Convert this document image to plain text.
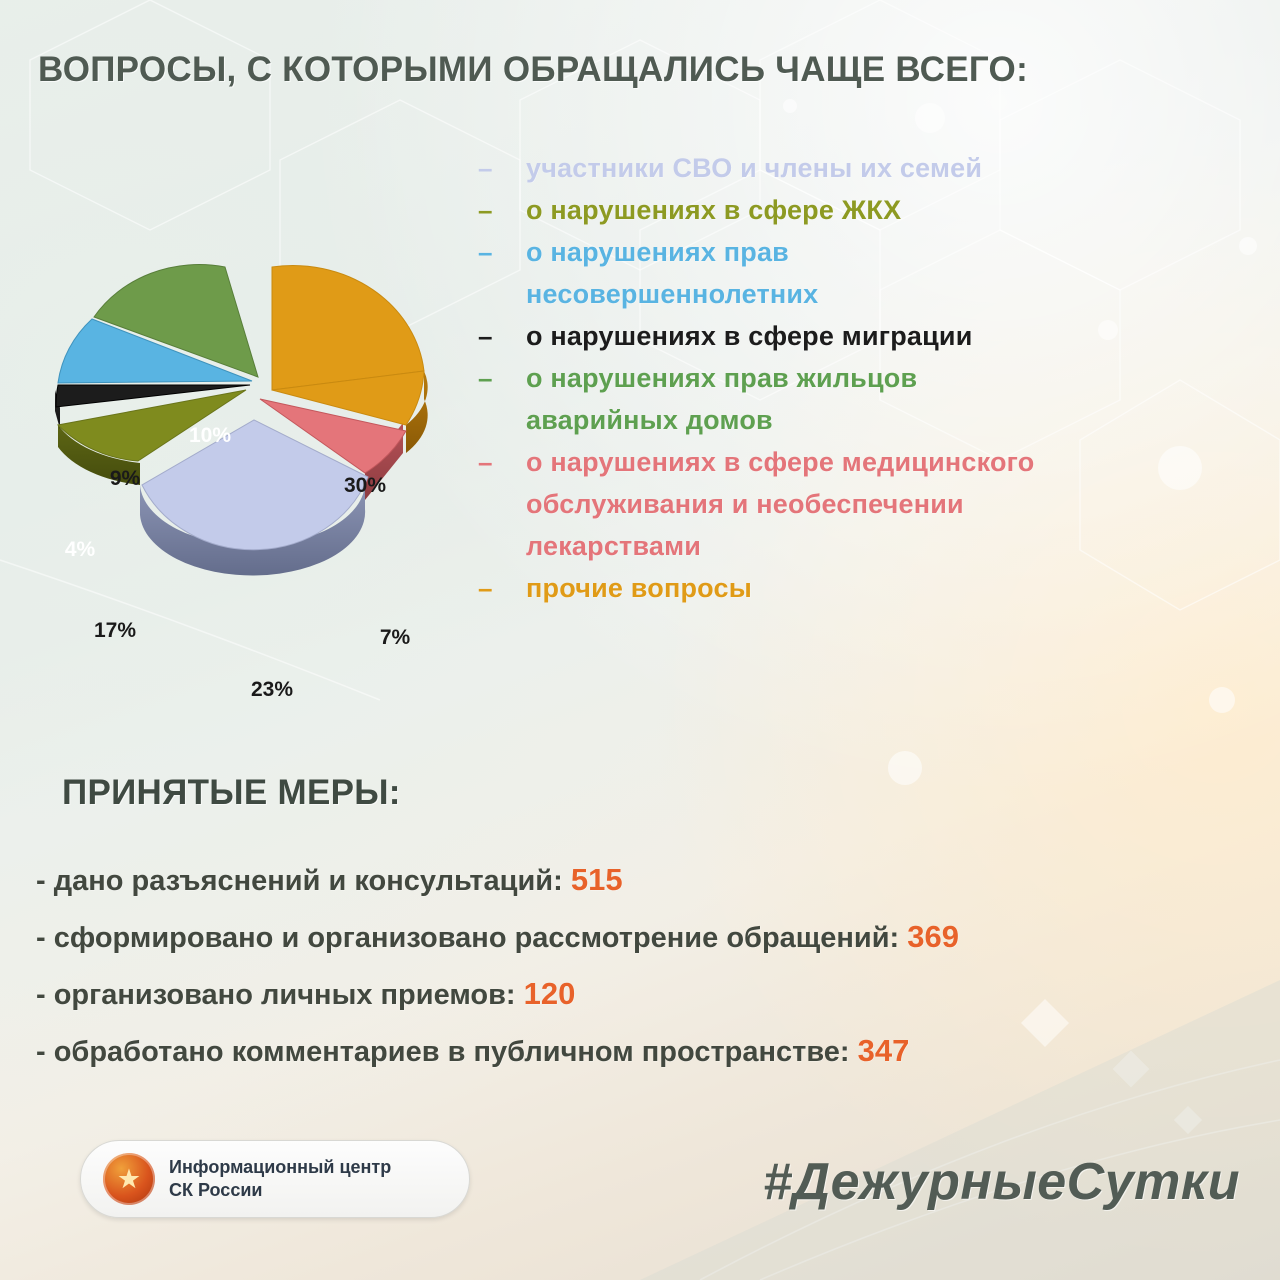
ВОПРОСЫ, С КОТОРЫМИ ОБРАЩАЛИСЬ ЧАЩЕ ВСЕГО:
30%
7%
23%
17%
4%
9%
10%
–	участники СВО и члены их семей
–	о нарушениях в сфере ЖКХ
–	о нарушениях прав
несовершеннолетних
–	о нарушениях в сфере миграции
–	о нарушениях прав жильцов
аварийных домов
–	о нарушениях в сфере медицинского
обслуживания и необеспечении
лекарствами
–	прочие вопросы
ПРИНЯТЫЕ МЕРЫ:
- дано разъяснений и консультаций: 515
- сформировано и организовано рассмотрение обращений: 369
- организовано личных приемов: 120
- обработано комментариев в публичном пространстве: 347
★ Информационный центр
СК России	#ДежурныеСутки
